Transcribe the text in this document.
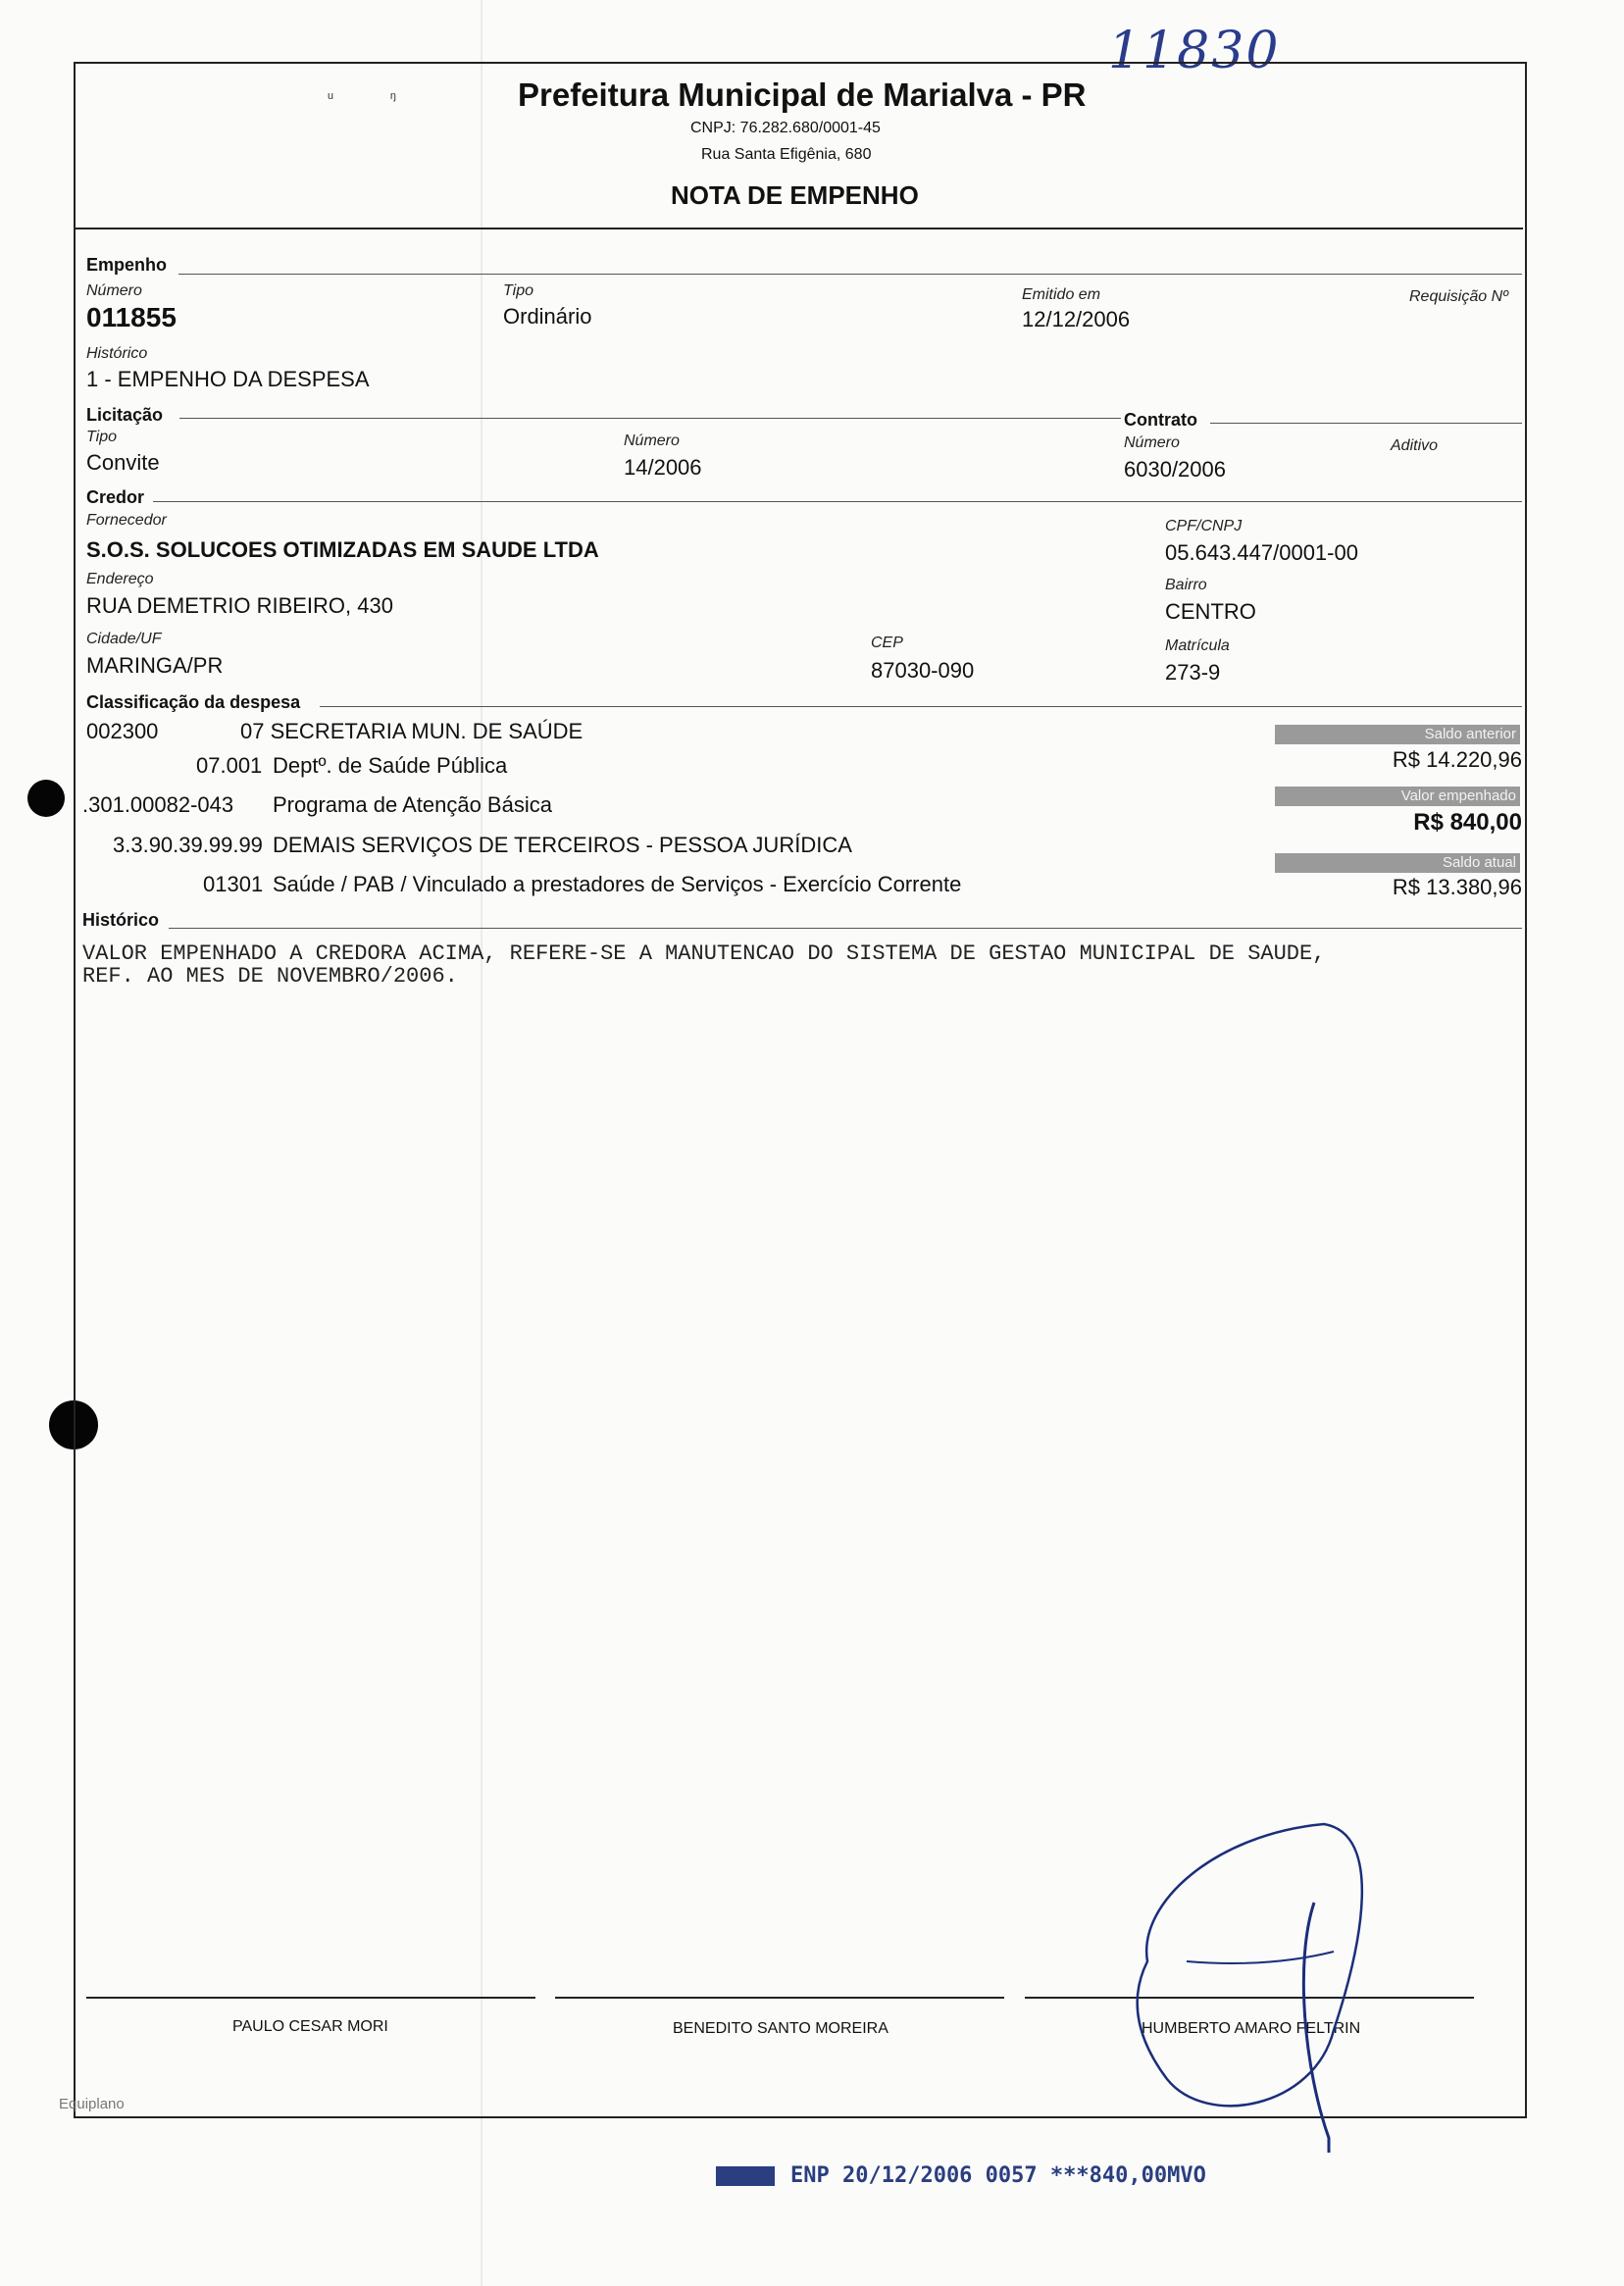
11830
ᵘ             ᵑ	Prefeitura Municipal de Marialva - PR
CNPJ: 76.282.680/0001-45
Rua Santa Efigênia, 680
NOTA DE EMPENHO
Empenho
Número
011855
Tipo
Ordinário
Emitido em
12/12/2006
Requisição Nº
Histórico
1 - EMPENHO DA DESPESA
Licitação	Contrato
Tipo
Convite
Número
14/2006
Número
6030/2006
Aditivo
Credor
Fornecedor
S.O.S. SOLUCOES OTIMIZADAS EM SAUDE LTDA
CPF/CNPJ
05.643.447/0001-00
Endereço
RUA DEMETRIO RIBEIRO, 430
Bairro
CENTRO
Cidade/UF
MARINGA/PR
CEP
87030-090
Matrícula
273-9
Classificação da despesa
002300	07 SECRETARIA MUN. DE SAÚDE
07.001 Deptº. de Saúde Pública
.301.00082-043 Programa de Atenção Básica
3.3.90.39.99.99 DEMAIS SERVIÇOS DE TERCEIROS - PESSOA JURÍDICA
01301 Saúde / PAB / Vinculado a prestadores de Serviços - Exercício Corrente
Saldo anterior
R$ 14.220,96
Valor empenhado
R$ 840,00
Saldo atual
R$ 13.380,96
Histórico
VALOR EMPENHADO A CREDORA ACIMA, REFERE-SE A MANUTENCAO DO SISTEMA DE GESTAO MUNICIPAL DE SAUDE,
REF. AO MES DE NOVEMBRO/2006.
PAULO CESAR MORI	BENEDITO SANTO MOREIRA	HUMBERTO AMARO FELTRIN
Equiplano
ENP 20/12/2006 0057 ***840,00MVO
